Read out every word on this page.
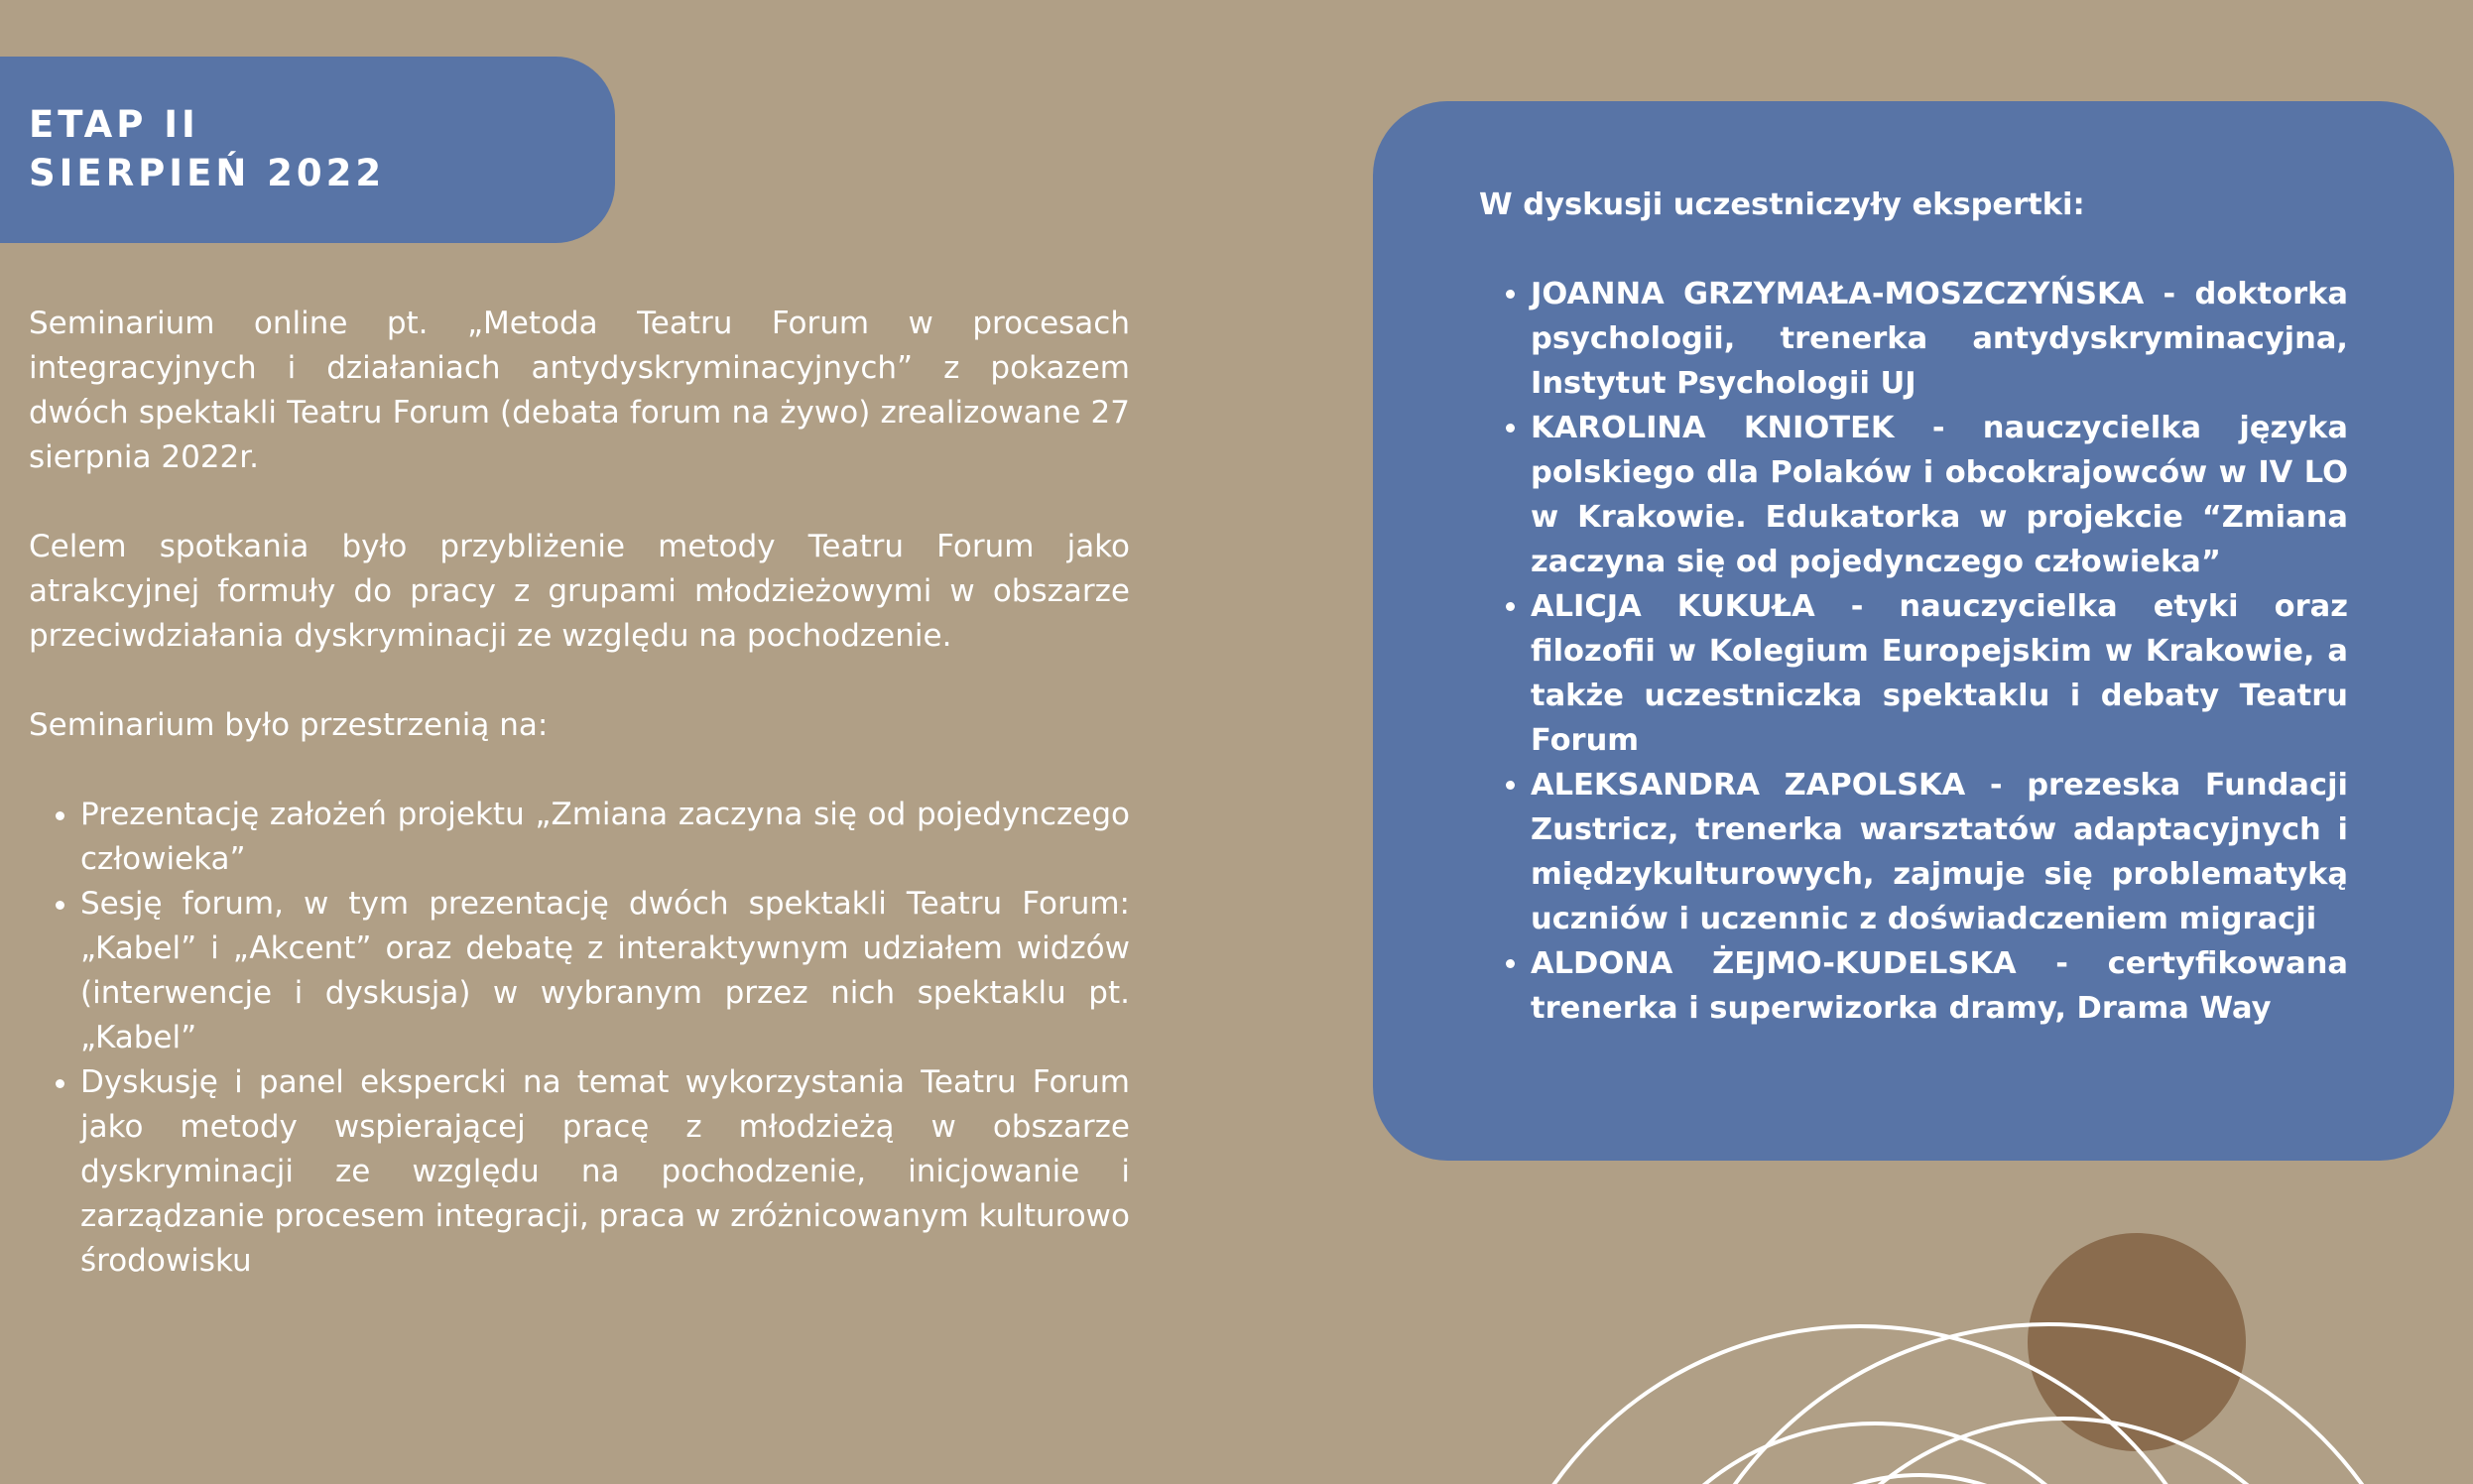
ETAP II
SIERPIEŃ 2022

Seminarium online pt. „Metoda Teatru Forum w procesach integracyjnych i działaniach antydyskryminacyjnych” z pokazem dwóch spektakli Teatru Forum (debata forum na żywo) zrealizowane 27 sierpnia 2022r.

Celem spotkania było przybliżenie metody Teatru Forum jako atrakcyjnej formuły do pracy z grupami młodzieżowymi w obszarze przeciwdziałania dyskryminacji ze względu na pochodzenie.

Seminarium było przestrzenią na:

• Prezentację założeń projektu „Zmiana zaczyna się od pojedynczego człowieka”
• Sesję forum, w tym prezentację dwóch spektakli Teatru Forum: „Kabel” i „Akcent” oraz debatę z interaktywnym udziałem widzów (interwencje i dyskusja) w wybranym przez nich spektaklu pt. „Kabel”
• Dyskusję i panel ekspercki na temat wykorzystania Teatru Forum jako metody wspierającej pracę z młodzieżą w obszarze dyskryminacji ze względu na pochodzenie, inicjowanie i zarządzanie procesem integracji, praca w zróżnicowanym kulturowo środowisku
W dyskusji uczestniczyły ekspertki:
• JOANNA GRZYMAŁA-MOSZCZYŃSKA - doktorka psychologii, trenerka antydyskryminacyjna, Instytut Psychologii UJ
• KAROLINA KNIOTEK - nauczycielka języka polskiego dla Polaków i obcokrajowców w IV LO w Krakowie. Edukatorka w projekcie “Zmiana zaczyna się od pojedynczego człowieka”
• ALICJA KUKUŁA - nauczycielka etyki oraz filozofii w Kolegium Europejskim w Krakowie, a także uczestniczka spektaklu i debaty Teatru Forum
• ALEKSANDRA ZAPOLSKA - prezeska Fundacji Zustricz, trenerka warsztatów adaptacyjnych i międzykulturowych, zajmuje się problematyką uczniów i uczennic z doświadczeniem migracji
• ALDONA ŻEJMO-KUDELSKA - certyfikowana trenerka i superwizorka dramy, Drama Way
